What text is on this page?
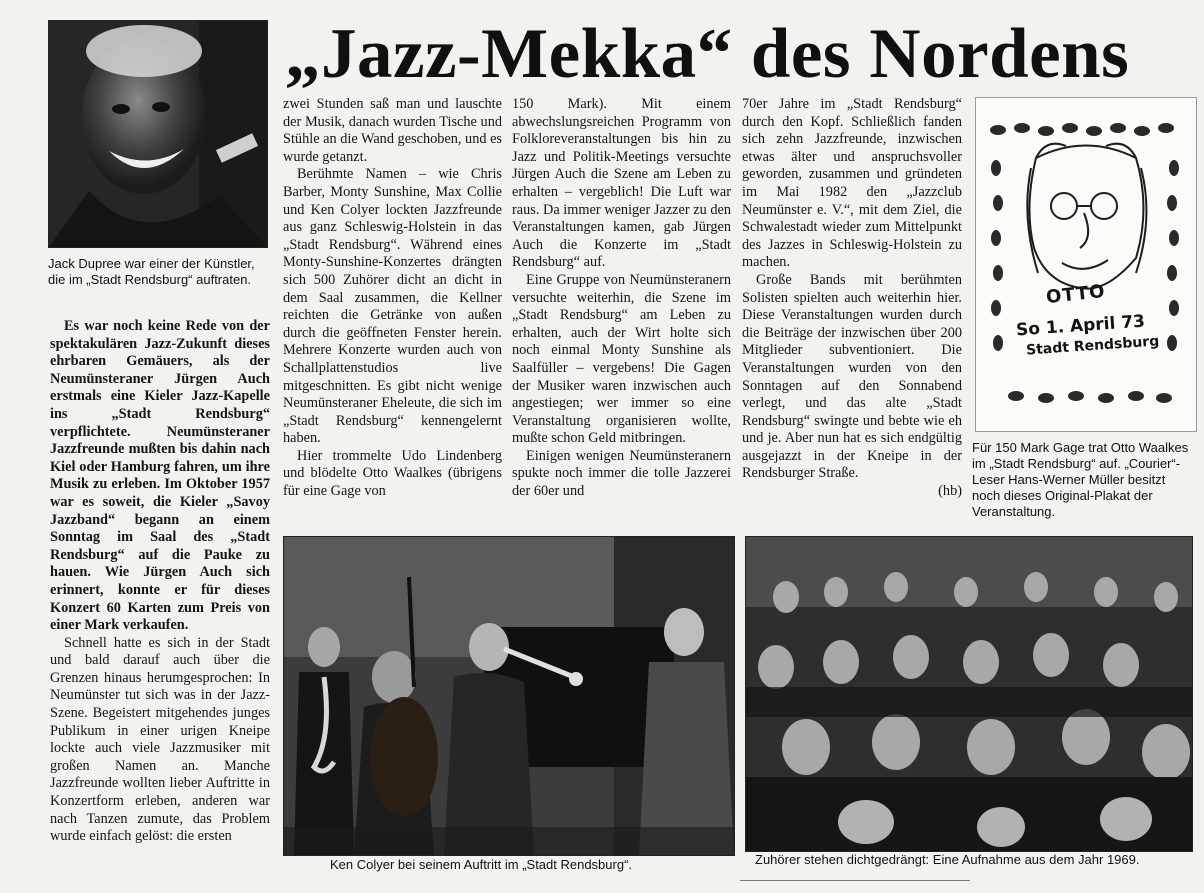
„Jazz-Mekka“ des Nordens
Jack Dupree war einer der Künstler, die im „Stadt Rendsburg“ auftraten.

Es war noch keine Rede von der spektakulären Jazz-Zukunft dieses ehrbaren Gemäuers, als der Neumünsteraner Jürgen Auch erstmals eine Kieler Jazz-Kapelle ins „Stadt Rendsburg“ verpflichtete. Neumünsteraner Jazzfreunde mußten bis dahin nach Kiel oder Hamburg fahren, um ihre Musik zu erleben. Im Oktober 1957 war es soweit, die Kieler „Savoy Jazzband“ begann an einem Sonntag im Saal des „Stadt Rendsburg“ auf die Pauke zu hauen. Wie Jürgen Auch sich erinnert, konnte er für dieses Konzert 60 Karten zum Preis von einer Mark verkaufen.

Schnell hatte es sich in der Stadt und bald darauf auch über die Grenzen hinaus herumgesprochen: In Neumünster tut sich was in der Jazz-Szene. Begeistert mitgehendes junges Publikum in einer urigen Kneipe lockte auch viele Jazzmusiker mit großen Namen an. Manche Jazzfreunde wollten lieber Auftritte in Konzertform erleben, anderen war nach Tanzen zumute, das Problem wurde einfach gelöst: die ersten

zwei Stunden saß man und lauschte der Musik, danach wurden Tische und Stühle an die Wand geschoben, und es wurde getanzt.

Berühmte Namen – wie Chris Barber, Monty Sunshine, Max Collie und Ken Colyer lockten Jazzfreunde aus ganz Schleswig-Holstein in das „Stadt Rendsburg“. Während eines Monty-Sunshine-Konzertes drängten sich 500 Zuhörer dicht an dicht in dem Saal zusammen, die Kellner reichten die Getränke von außen durch die geöffneten Fenster herein. Mehrere Konzerte wurden auch von Schallplattenstudios live mitgeschnitten. Es gibt nicht wenige Neumünsteraner Eheleute, die sich im „Stadt Rendsburg“ kennengelernt haben.

Hier trommelte Udo Lindenberg und blödelte Otto Waalkes (übrigens für eine Gage von

150 Mark). Mit einem abwechslungsreichen Programm von Folkloreveranstaltungen bis hin zu Jazz und Politik-Meetings versuchte Jürgen Auch die Szene am Leben zu erhalten – vergeblich! Die Luft war raus. Da immer weniger Jazzer zu den Veranstaltungen kamen, gab Jürgen Auch die Konzerte im „Stadt Rendsburg“ auf.

Eine Gruppe von Neumünsteranern versuchte weiterhin, die Szene im „Stadt Rendsburg“ am Leben zu erhalten, auch der Wirt holte sich noch einmal Monty Sunshine als Saalfüller – vergebens! Die Gagen der Musiker waren inzwischen auch angestiegen; wer immer so eine Veranstaltung organisieren wollte, mußte schon Geld mitbringen.

Einigen wenigen Neumünsteranern spukte noch immer die tolle Jazzerei der 60er und

70er Jahre im „Stadt Rendsburg“ durch den Kopf. Schließlich fanden sich zehn Jazzfreunde, inzwischen etwas älter und anspruchsvoller geworden, zusammen und gründeten im Mai 1982 den „Jazzclub Neumünster e. V.“, mit dem Ziel, die Schwalestadt wieder zum Mittelpunkt des Jazzes in Schleswig-Holstein zu machen.

Große Bands mit berühmten Solisten spielten auch weiterhin hier. Diese Veranstaltungen wurden durch die Beiträge der inzwischen über 200 Mitglieder subventioniert. Die Veranstaltungen wurden von den Sonntagen auf den Sonnabend verlegt, und das alte „Stadt Rendsburg“ swingte und bebte wie eh und je. Aber nun hat es sich endgültig ausgejazzt in der Kneipe in der Rendsburger Straße.

(hb)
OTTO
So 1. April 73
Stadt Rendsburg
Für 150 Mark Gage trat Otto Waalkes im „Stadt Rendsburg“ auf. „Courier“-Leser Hans-Werner Müller besitzt noch dieses Original-Plakat der Veranstaltung.
Ken Colyer bei seinem Auftritt im „Stadt Rendsburg“.	Zuhörer stehen dichtgedrängt: Eine Aufnahme aus dem Jahr 1969.
